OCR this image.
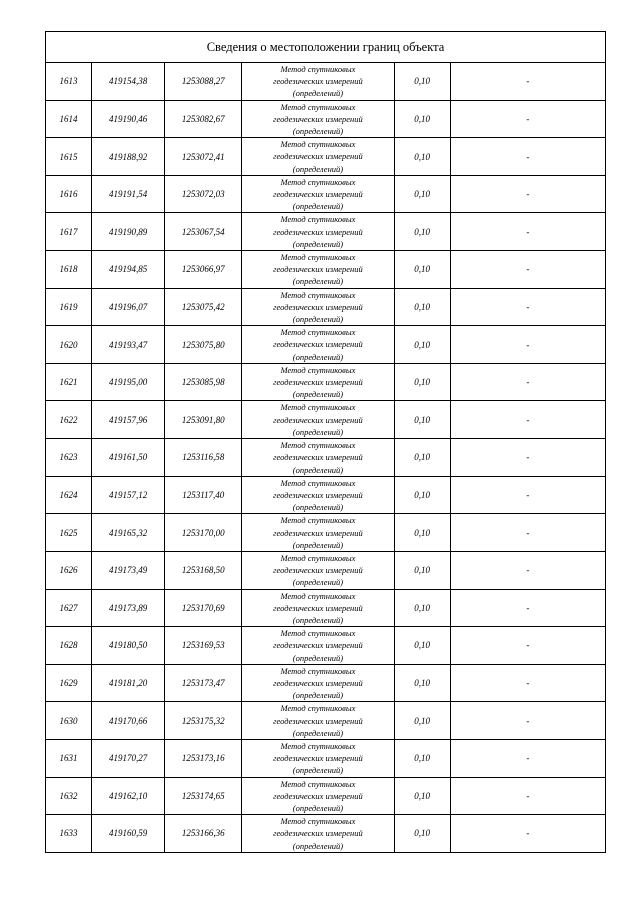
Сведения о местоположении границ объекта					
1613	419154,38	1253088,27	Метод спутниковых
геодезических измерений
(определений)	0,10	-
1614	419190,46	1253082,67	Метод спутниковых
геодезических измерений
(определений)	0,10	-
1615	419188,92	1253072,41	Метод спутниковых
геодезических измерений
(определений)	0,10	-
1616	419191,54	1253072,03	Метод спутниковых
геодезических измерений
(определений)	0,10	-
1617	419190,89	1253067,54	Метод спутниковых
геодезических измерений
(определений)	0,10	-
1618	419194,85	1253066,97	Метод спутниковых
геодезических измерений
(определений)	0,10	-
1619	419196,07	1253075,42	Метод спутниковых
геодезических измерений
(определений)	0,10	-
1620	419193,47	1253075,80	Метод спутниковых
геодезических измерений
(определений)	0,10	-
1621	419195,00	1253085,98	Метод спутниковых
геодезических измерений
(определений)	0,10	-
1622	419157,96	1253091,80	Метод спутниковых
геодезических измерений
(определений)	0,10	-
1623	419161,50	1253116,58	Метод спутниковых
геодезических измерений
(определений)	0,10	-
1624	419157,12	1253117,40	Метод спутниковых
геодезических измерений
(определений)	0,10	-
1625	419165,32	1253170,00	Метод спутниковых
геодезических измерений
(определений)	0,10	-
1626	419173,49	1253168,50	Метод спутниковых
геодезических измерений
(определений)	0,10	-
1627	419173,89	1253170,69	Метод спутниковых
геодезических измерений
(определений)	0,10	-
1628	419180,50	1253169,53	Метод спутниковых
геодезических измерений
(определений)	0,10	-
1629	419181,20	1253173,47	Метод спутниковых
геодезических измерений
(определений)	0,10	-
1630	419170,66	1253175,32	Метод спутниковых
геодезических измерений
(определений)	0,10	-
1631	419170,27	1253173,16	Метод спутниковых
геодезических измерений
(определений)	0,10	-
1632	419162,10	1253174,65	Метод спутниковых
геодезических измерений
(определений)	0,10	-
1633	419160,59	1253166,36	Метод спутниковых
геодезических измерений
(определений)	0,10	-
